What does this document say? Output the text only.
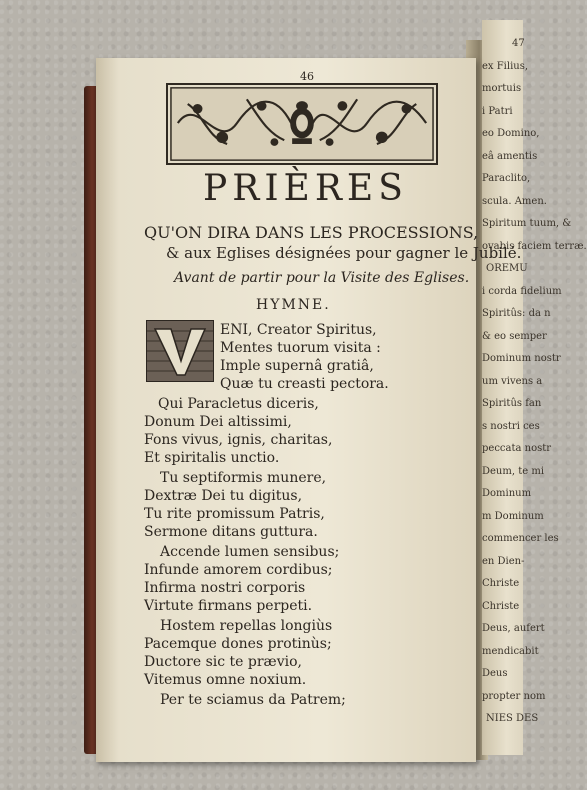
47
ex Filius,
mortuis
i Patri
eo Domino,
eâ amentis
Paraclito,
scula. Amen.
Spiritum tuum, &
ovabis faciem terræ.
OREMU
i corda fidelium
Spiritûs: da n
& eo semper
Dominum nostr
um vivens a
Spiritûs fan
s nostri ces
peccata nostr
Deum, te mi
Dominum
m Dominum
commencer les
en Dien-
Christe
Christe
Deus, aufert
mendicabit
Deus
propter nom
NIES DES
46
PRIÈRES
QU'ON DIRA DANS LES PROCESSIONS,
& aux Eglises désignées pour gagner le Jubilé.
Avant de partir pour la Visite des Eglises.
HYMNE.
ENI, Creator Spiritus,
Mentes tuorum visita :
Imple supernâ gratiâ,
Quæ tu creasti pectora.
Qui Paracletus diceris,
Donum Dei altissimi,
Fons vivus, ignis, charitas,
Et spiritalis unctio.
Tu septiformis munere,
Dextræ Dei tu digitus,
Tu rite promissum Patris,
Sermone ditans guttura.
Accende lumen sensibus;
Infunde amorem cordibus;
Infirma nostri corporis
Virtute firmans perpeti.
Hostem repellas longiùs
Pacemque dones protinùs;
Ductore sic te prævio,
Vitemus omne noxium.
Per te sciamus da Patrem;
